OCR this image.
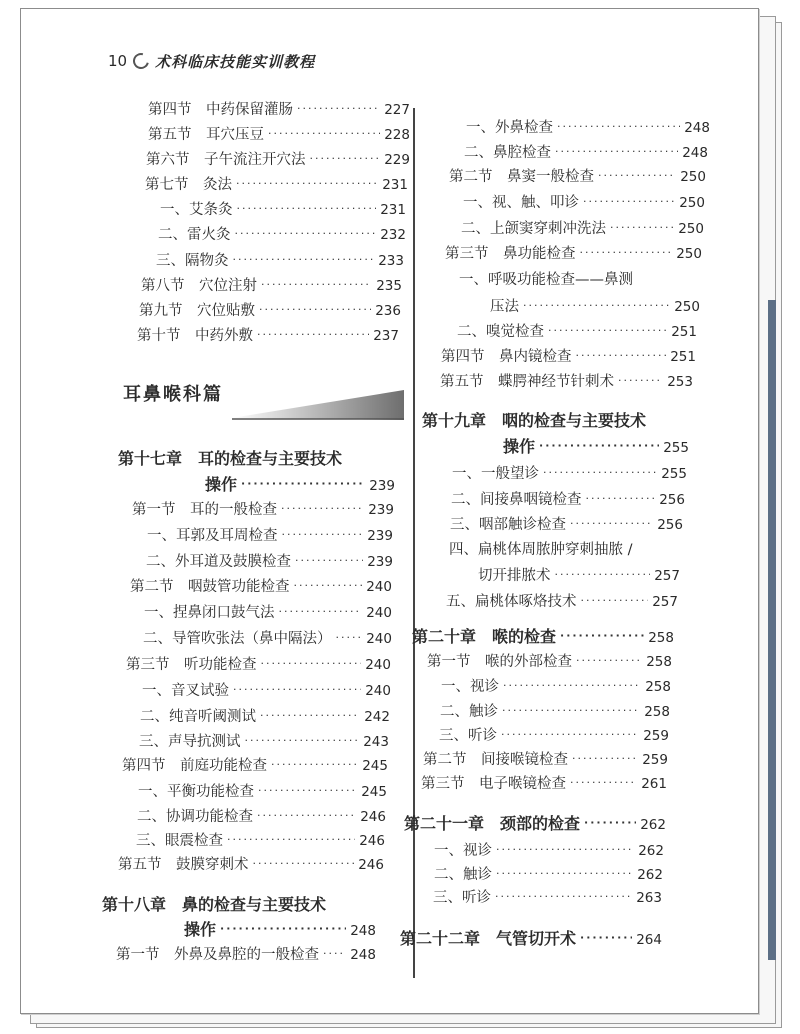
10 术科临床技能实训教程
耳鼻喉科篇
第四节　中药保留灌肠 ·····	227
第五节　耳穴压豆 ·····	228
第六节　子午流注开穴法 ·····	229
第七节　灸法 ·····	231
一、艾条灸 ·····	231
二、雷火灸 ·····	232
三、隔物灸 ·····	233
第八节　穴位注射 ·····	235
第九节　穴位贴敷 ·····	236
第十节　中药外敷 ·····	237
第十七章　耳的检查与主要技术
操作 ·····	239
第一节　耳的一般检查 ·····	239
一、耳郭及耳周检查 ·····	239
二、外耳道及鼓膜检查 ·····	239
第二节　咽鼓管功能检查 ·····	240
一、捏鼻闭口鼓气法 ·····	240
二、导管吹张法（鼻中隔法） ·····	240
第三节　听功能检查 ·····	240
一、音叉试验 ·····	240
二、纯音听阈测试 ·····	242
三、声导抗测试 ·····	243
第四节　前庭功能检查 ·····	245
一、平衡功能检查 ·····	245
二、协调功能检查 ·····	246
三、眼震检查 ·····	246
第五节　鼓膜穿刺术 ·····	246
第十八章　鼻的检查与主要技术
操作 ·····	248
第一节　外鼻及鼻腔的一般检查 ····· 248
一、外鼻检查 ·····	248
二、鼻腔检查 ·····	248
第二节　鼻窦一般检查 ·····	250
一、视、触、叩诊 ·····	250
二、上颌窦穿刺冲洗法 ·····	250
第三节　鼻功能检查 ·····	250
一、呼吸功能检查——鼻测
压法 ·····	250
二、嗅觉检查 ·····	251
第四节　鼻内镜检查 ·····	251
第五节　蝶腭神经节针刺术 ·····	253
第十九章　咽的检查与主要技术
操作 ·····	255
一、一般望诊 ·····	255
二、间接鼻咽镜检查 ·····	256
三、咽部触诊检查 ·····	256
四、扁桃体周脓肿穿刺抽脓 /
切开排脓术 ·····	257
五、扁桃体啄烙技术 ·····	257
第二十章　喉的检查 ·····	258
第一节　喉的外部检查 ·····	258
一、视诊 ·····	258
二、触诊 ·····	258
三、听诊 ·····	259
第二节　间接喉镜检查 ·····	259
第三节　电子喉镜检查 ·····	261
第二十一章　颈部的检查 ·····	262
一、视诊 ·····	262
二、触诊 ·····	262
三、听诊 ·····	263
第二十二章　气管切开术 ·····	264
